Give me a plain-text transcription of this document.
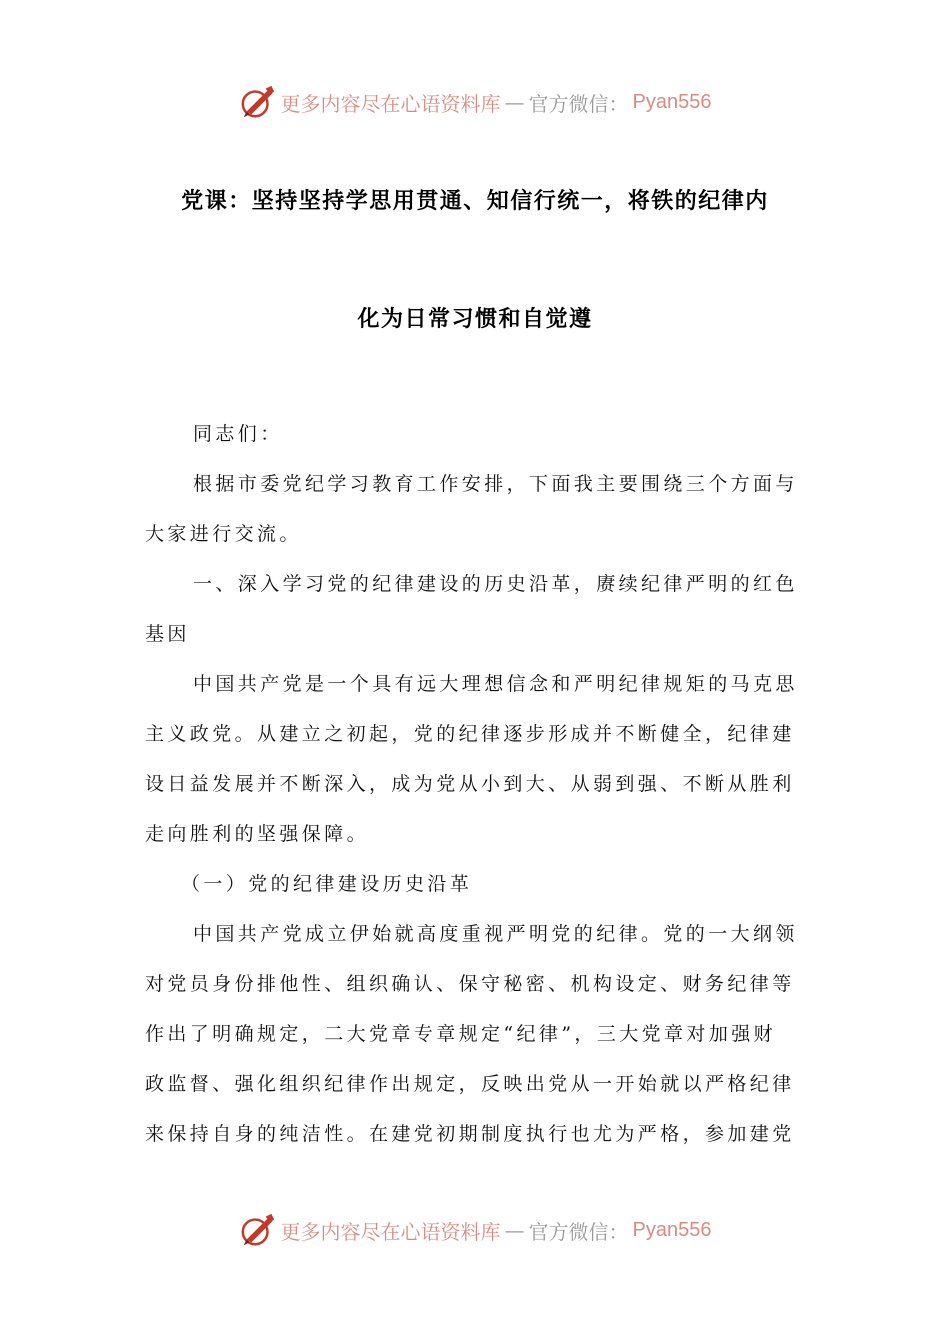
更多内容尽在心语资料库 — 官方微信： Pyan556
党课：坚持坚持学思用贯通、知信行统一，将铁的纪律内
化为日常习惯和自觉遵
同志们：
根据市委党纪学习教育工作安排，下面我主要围绕三个方面与
大家进行交流。
一、深入学习党的纪律建设的历史沿革，赓续纪律严明的红色
基因
中国共产党是一个具有远大理想信念和严明纪律规矩的马克思
主义政党。从建立之初起，党的纪律逐步形成并不断健全，纪律建
设日益发展并不断深入，成为党从小到大、从弱到强、不断从胜利
走向胜利的坚强保障。
（一）党的纪律建设历史沿革
中国共产党成立伊始就高度重视严明党的纪律。党的一大纲领
对党员身份排他性、组织确认、保守秘密、机构设定、财务纪律等
作出了明确规定，二大党章专章规定“纪律”，三大党章对加强财
政监督、强化组织纪律作出规定，反映出党从一开始就以严格纪律
来保持自身的纯洁性。在建党初期制度执行也尤为严格，参加建党
更多内容尽在心语资料库 — 官方微信： Pyan556
